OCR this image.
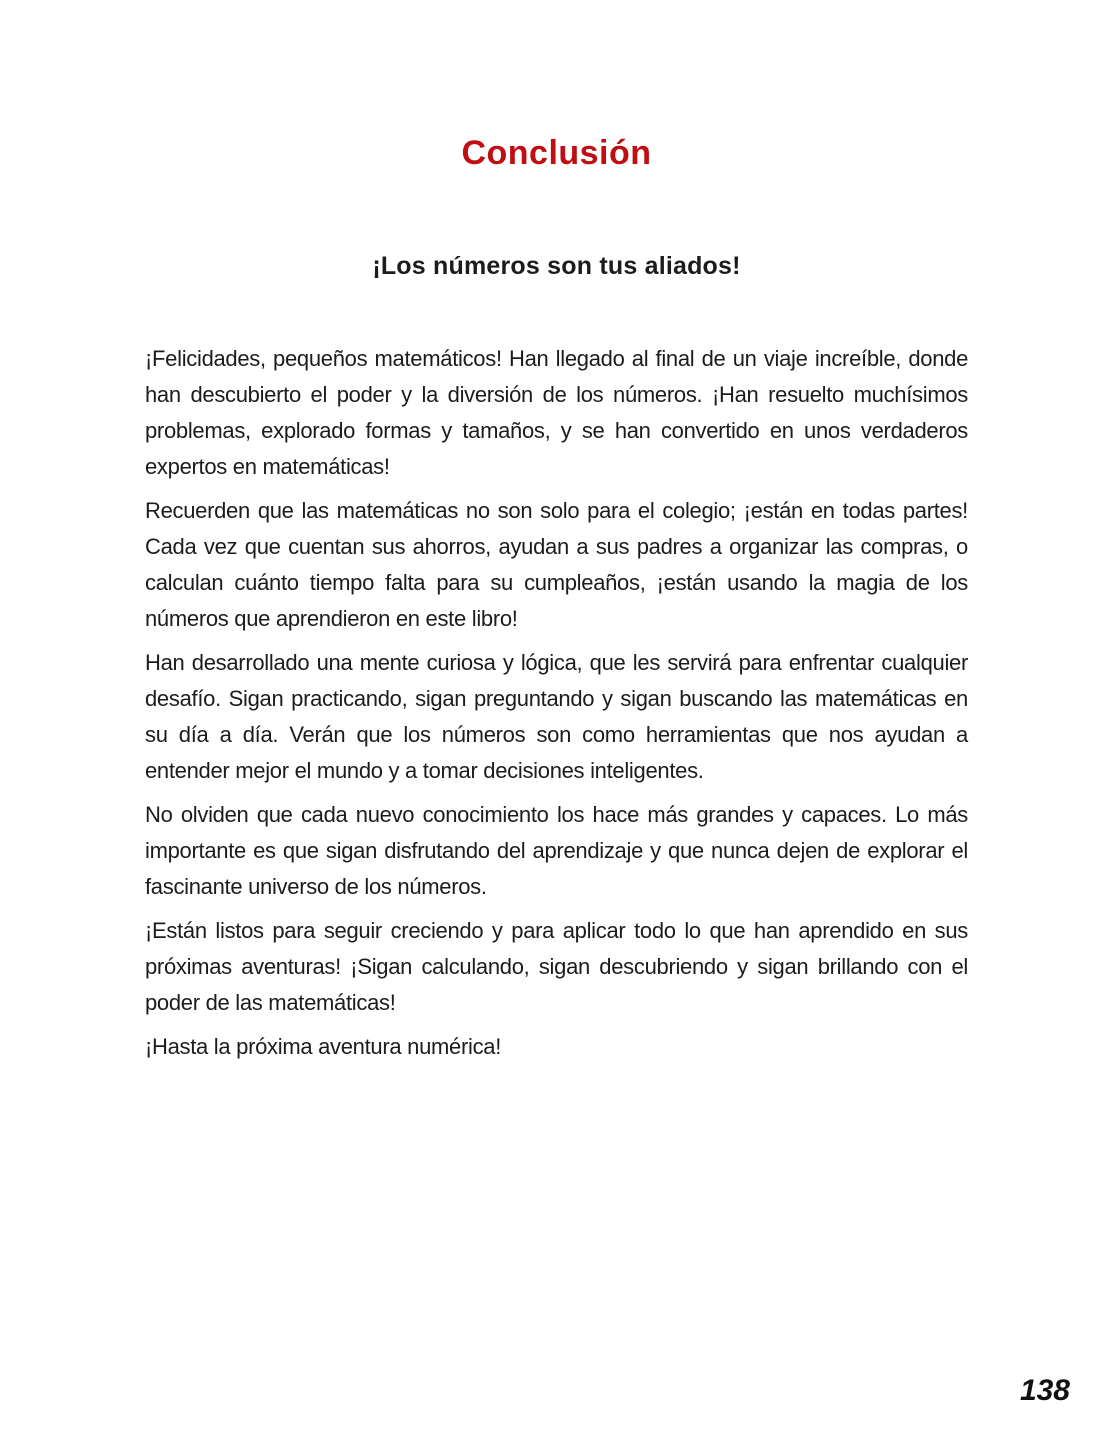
Conclusión
¡Los números son tus aliados!

¡Felicidades, pequeños matemáticos! Han llegado al final de un viaje increíble, donde han descubierto el poder y la diversión de los números. ¡Han resuelto muchísimos problemas, explorado formas y tamaños, y se han convertido en unos verdaderos expertos en matemáticas!

Recuerden que las matemáticas no son solo para el colegio; ¡están en todas partes! Cada vez que cuentan sus ahorros, ayudan a sus padres a organizar las compras, o calculan cuánto tiempo falta para su cumpleaños, ¡están usando la magia de los números que aprendieron en este libro!

Han desarrollado una mente curiosa y lógica, que les servirá para enfrentar cualquier desafío. Sigan practicando, sigan preguntando y sigan buscando las matemáticas en su día a día. Verán que los números son como herramientas que nos ayudan a entender mejor el mundo y a tomar decisiones inteligentes.

No olviden que cada nuevo conocimiento los hace más grandes y capaces. Lo más importante es que sigan disfrutando del aprendizaje y que nunca dejen de explorar el fascinante universo de los números.

¡Están listos para seguir creciendo y para aplicar todo lo que han aprendido en sus próximas aventuras! ¡Sigan calculando, sigan descubriendo y sigan brillando con el poder de las matemáticas!

¡Hasta la próxima aventura numérica!

138
